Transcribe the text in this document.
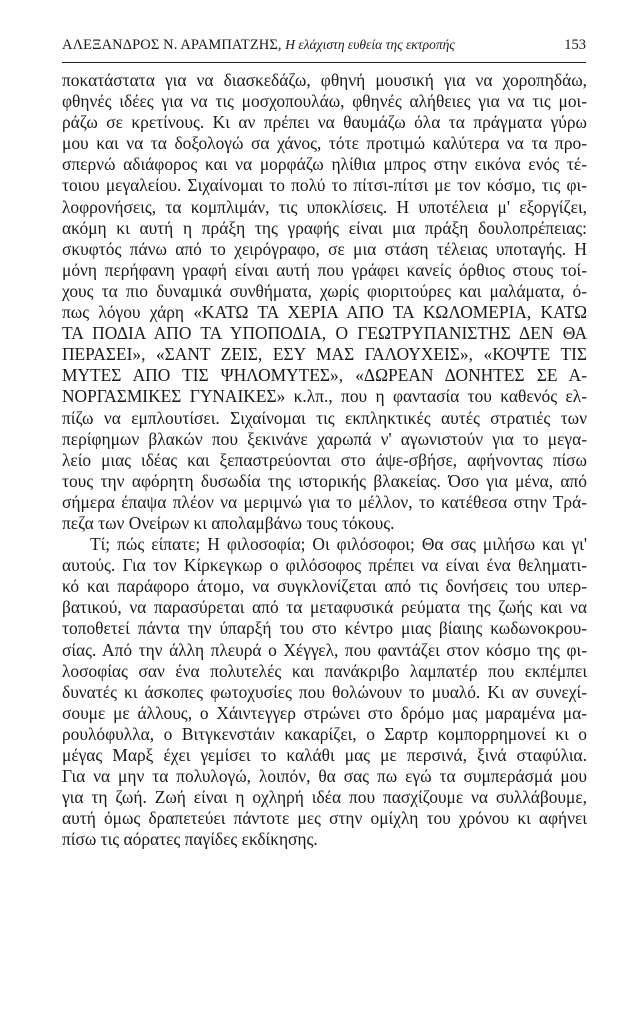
ΑΛΕΞΑΝΔΡΟΣ Ν. ΑΡΑΜΠΑΤΖΗΣ, Η ελάχιστη ευθεία της εκτροπής	153
ποκατάστατα για να διασκεδάζω, φθηνή μουσική για να χοροπηδάω,
φθηνές ιδέες για να τις μοσχοπουλάω, φθηνές αλήθειες για να τις μοι-
ράζω σε κρετίνους. Κι αν πρέπει να θαυμάζω όλα τα πράγματα γύρω
μου και να τα δοξολογώ σα χάνος, τότε προτιμώ καλύτερα να τα προ-
σπερνώ αδιάφορος και να μορφάζω ηλίθια μπρος στην εικόνα ενός τέ-
τοιου μεγαλείου. Σιχαίνομαι το πολύ το πίτσι-πίτσι με τον κόσμο, τις φι-
λοφρονήσεις, τα κομπλιμάν, τις υποκλίσεις. Η υποτέλεια μ' εξοργίζει,
ακόμη κι αυτή η πράξη της γραφής είναι μια πράξη δουλοπρέπειας:
σκυφτός πάνω από το χειρόγραφο, σε μια στάση τέλειας υποταγής. Η
μόνη περήφανη γραφή είναι αυτή που γράφει κανείς όρθιος στους τοί-
χους τα πιο δυναμικά συνθήματα, χωρίς φιοριτούρες και μαλάματα, ό-
πως λόγου χάρη «ΚΑΤΩ ΤΑ ΧΕΡΙΑ ΑΠΟ ΤΑ ΚΩΛΟΜΕΡΙΑ, ΚΑΤΩ
ΤΑ ΠΟΔΙΑ ΑΠΟ ΤΑ ΥΠΟΠΟΔΙΑ, Ο ΓΕΩΤΡΥΠΑΝΙΣΤΗΣ ΔΕΝ ΘΑ
ΠΕΡΑΣΕΙ», «ΣΑΝΤ ΖΕΙΣ, ΕΣΥ ΜΑΣ ΓΑΛΟΥΧΕΙΣ», «ΚΟΨΤΕ ΤΙΣ
ΜΥΤΕΣ ΑΠΟ ΤΙΣ ΨΗΛΟΜΥΤΕΣ», «ΔΩΡΕΑΝ ΔΟΝΗΤΕΣ ΣΕ Α-
ΝΟΡΓΑΣΜΙΚΕΣ ΓΥΝΑΙΚΕΣ» κ.λπ., που η φαντασία του καθενός ελ-
πίζω να εμπλουτίσει. Σιχαίνομαι τις εκπληκτικές αυτές στρατιές των
περίφημων βλακών που ξεκινάνε χαρωπά ν' αγωνιστούν για το μεγα-
λείο μιας ιδέας και ξεπαστρεύονται στο άψε-σβήσε, αφήνοντας πίσω
τους την αφόρητη δυσωδία της ιστορικής βλακείας. Όσο για μένα, από
σήμερα έπαψα πλέον να μεριμνώ για το μέλλον, το κατέθεσα στην Τρά-
πεζα των Ονείρων κι απολαμβάνω τους τόκους.
Τί; πώς είπατε; Η φιλοσοφία; Οι φιλόσοφοι; Θα σας μιλήσω και γι'
αυτούς. Για τον Κίρκεγκωρ ο φιλόσοφος πρέπει να είναι ένα θεληματι-
κό και παράφορο άτομο, να συγκλονίζεται από τις δονήσεις του υπερ-
βατικού, να παρασύρεται από τα μεταφυσικά ρεύματα της ζωής και να
τοποθετεί πάντα την ύπαρξή του στο κέντρο μιας βίαιης κωδωνοκρου-
σίας. Από την άλλη πλευρά ο Χέγγελ, που φαντάζει στον κόσμο της φι-
λοσοφίας σαν ένα πολυτελές και πανάκριβο λαμπατέρ που εκπέμπει
δυνατές κι άσκοπες φωτοχυσίες που θολώνουν το μυαλό. Κι αν συνεχί-
σουμε με άλλους, ο Χάιντεγγερ στρώνει στο δρόμο μας μαραμένα μα-
ρουλόφυλλα, ο Βιτγκενστάιν κακαρίζει, ο Σαρτρ κομπορρημονεί κι ο
μέγας Μαρξ έχει γεμίσει το καλάθι μας με περσινά, ξινά σταφύλια.
Για να μην τα πολυλογώ, λοιπόν, θα σας πω εγώ τα συμπεράσμά μου
για τη ζωή. Ζωή είναι η οχληρή ιδέα που πασχίζουμε να συλλάβουμε,
αυτή όμως δραπετεύει πάντοτε μες στην ομίχλη του χρόνου κι αφήνει
πίσω τις αόρατες παγίδες εκδίκησης.
